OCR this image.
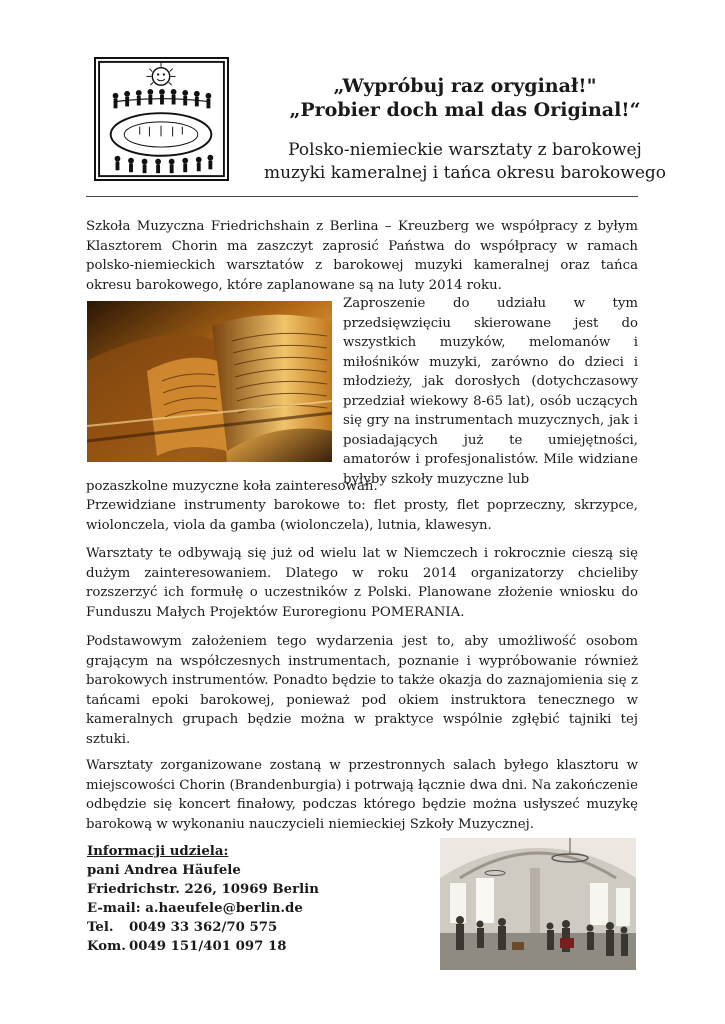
„Wypróbuj raz oryginał!"
„Probier doch mal das Original!“
Polsko-niemieckie warsztaty z barokowej
muzyki kameralnej i tańca okresu barokowego

Szkoła Muzyczna Friedrichshain z Berlina – Kreuzberg we współpracy z byłym Klasztorem Chorin ma zaszczyt zaprosić Państwa do współpracy w ramach polsko-niemieckich warsztatów z barokowej muzyki kameralnej oraz tańca okresu barokowego, które zaplanowane są na luty 2014 roku.

Zaproszenie do udziału w tym przedsięwzięciu skierowane jest do wszystkich muzyków, melomanów i miłośników muzyki, zarówno do dzieci i młodzieży, jak dorosłych (dotychczasowy przedział wiekowy 8-65 lat), osób uczących się gry na instrumentach muzycznych, jak i posiadających już te umiejętności, amatorów i profesjonalistów. Mile widziane byłyby szkoły muzyczne lub

pozaszkolne muzyczne koła zainteresowań.

Przewidziane instrumenty barokowe to: flet prosty, flet poprzeczny, skrzypce, wiolonczela, viola da gamba (wiolonczela), lutnia, klawesyn.

Warsztaty te odbywają się już od wielu lat w Niemczech i rokrocznie cieszą się dużym zainteresowaniem. Dlatego w roku 2014 organizatorzy chcieliby rozszerzyć ich formułę o uczestników z Polski. Planowane złożenie wniosku do Funduszu Małych Projektów Euroregionu POMERANIA.

Podstawowym założeniem tego wydarzenia jest to, aby umożliwość osobom grającym na współczesnych instrumentach, poznanie i wypróbowanie również barokowych instrumentów. Ponadto będzie to także okazja do zaznajomienia się z tańcami epoki barokowej, ponieważ pod okiem instruktora tenecznego w kameralnych grupach będzie można w praktyce wspólnie zgłębić tajniki tej sztuki.

Warsztaty zorganizowane zostaną w przestronnych salach byłego klasztoru w miejscowości Chorin (Brandenburgia) i potrwają łącznie dwa dni. Na zakończenie odbędzie się koncert finałowy, podczas którego będzie można usłyszeć muzykę barokową w wykonaniu nauczycieli niemieckiej Szkoły Muzycznej.

Informacji udziela:
pani Andrea Häufele
Friedrichstr. 226, 10969 Berlin
E-mail: a.haeufele@berlin.de
Tel. 0049 33 362/70 575
Kom. 0049 151/401 097 18
